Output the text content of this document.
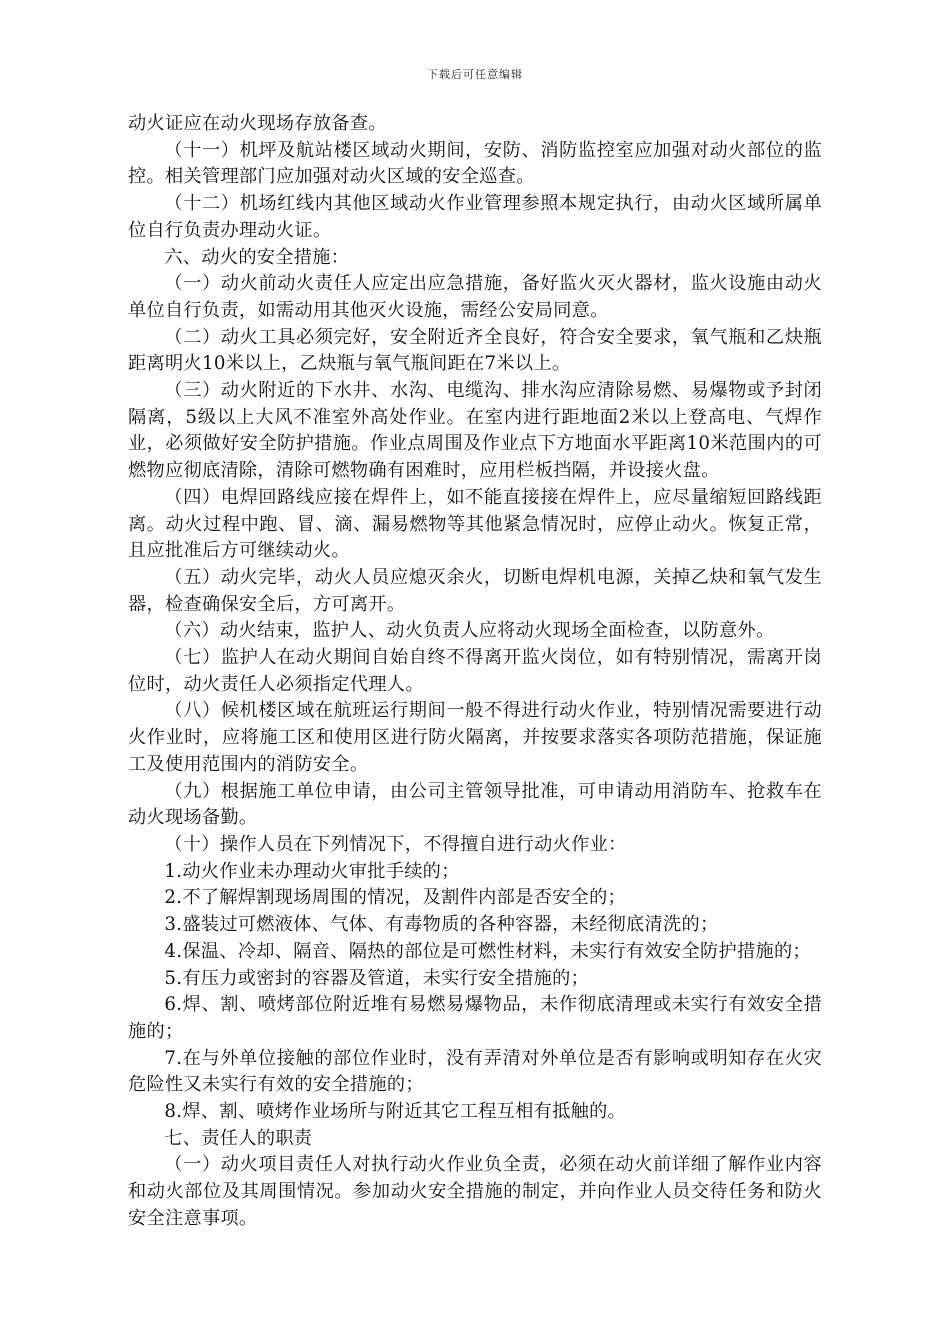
下载后可任意编辑

动火证应在动火现场存放备查。

（十一）机坪及航站楼区域动火期间，安防、消防监控室应加强对动火部位的监控。相关管理部门应加强对动火区域的安全巡查。

（十二）机场红线内其他区域动火作业管理参照本规定执行，由动火区域所属单位自行负责办理动火证。

六、动火的安全措施：

（一）动火前动火责任人应定出应急措施，备好监火灭火器材，监火设施由动火单位自行负责，如需动用其他灭火设施，需经公安局同意。

（二）动火工具必须完好，安全附近齐全良好，符合安全要求，氧气瓶和乙炔瓶距离明火10米以上，乙炔瓶与氧气瓶间距在7米以上。

（三）动火附近的下水井、水沟、电缆沟、排水沟应清除易燃、易爆物或予封闭隔离，5级以上大风不准室外高处作业。在室内进行距地面2米以上登高电、气焊作业，必须做好安全防护措施。作业点周围及作业点下方地面水平距离10米范围内的可燃物应彻底清除，清除可燃物确有困难时，应用栏板挡隔，并设接火盘。

（四）电焊回路线应接在焊件上，如不能直接接在焊件上，应尽量缩短回路线距离。动火过程中跑、冒、滴、漏易燃物等其他紧急情况时，应停止动火。恢复正常，且应批准后方可继续动火。

（五）动火完毕，动火人员应熄灭余火，切断电焊机电源，关掉乙炔和氧气发生器，检查确保安全后，方可离开。

（六）动火结束，监护人、动火负责人应将动火现场全面检查，以防意外。

（七）监护人在动火期间自始自终不得离开监火岗位，如有特别情况，需离开岗位时，动火责任人必须指定代理人。

（八）候机楼区域在航班运行期间一般不得进行动火作业，特别情况需要进行动火作业时，应将施工区和使用区进行防火隔离，并按要求落实各项防范措施，保证施工及使用范围内的消防安全。

（九）根据施工单位申请，由公司主管领导批准，可申请动用消防车、抢救车在动火现场备勤。

（十）操作人员在下列情况下，不得擅自进行动火作业：

1.动火作业未办理动火审批手续的；

2.不了解焊割现场周围的情况，及割件内部是否安全的；

3.盛装过可燃液体、气体、有毒物质的各种容器，未经彻底清洗的；

4.保温、冷却、隔音、隔热的部位是可燃性材料，未实行有效安全防护措施的；

5.有压力或密封的容器及管道，未实行安全措施的；

6.焊、割、喷烤部位附近堆有易燃易爆物品，未作彻底清理或未实行有效安全措施的；

7.在与外单位接触的部位作业时，没有弄清对外单位是否有影响或明知存在火灾危险性又未实行有效的安全措施的；

8.焊、割、喷烤作业场所与附近其它工程互相有抵触的。

七、责任人的职责

（一）动火项目责任人对执行动火作业负全责，必须在动火前详细了解作业内容和动火部位及其周围情况。参加动火安全措施的制定，并向作业人员交待任务和防火安全注意事项。
